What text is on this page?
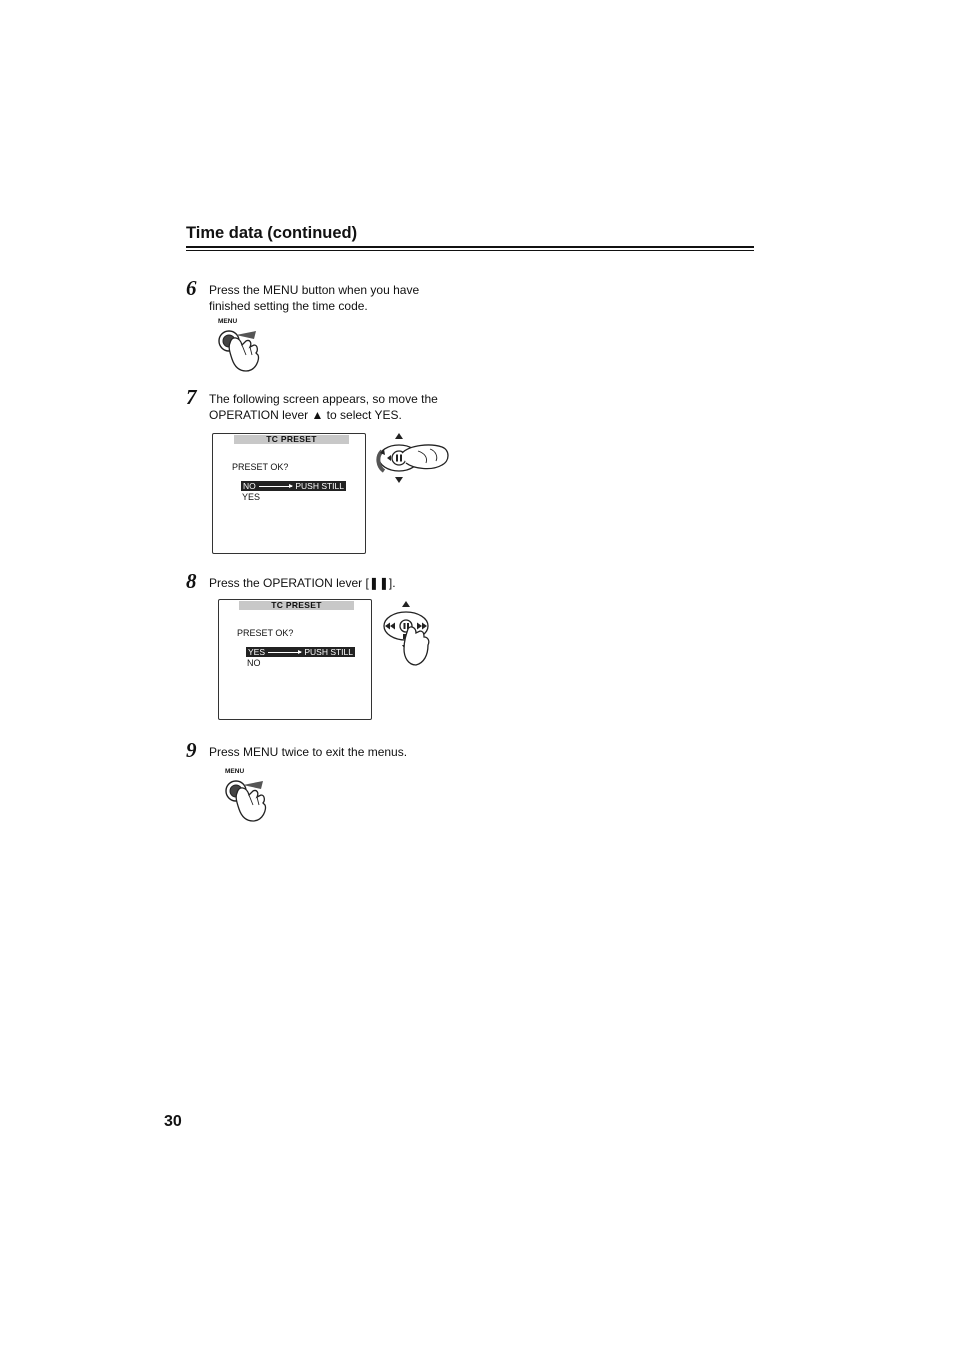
Time data (continued)
6 Press the MENU button when you have
finished setting the time code.
MENU
7 The following screen appears, so move the
OPERATION lever ▲ to select YES.
TC PRESET
PRESET OK?
NO	PUSH STILL
YES
8 Press the OPERATION lever [❚❚].
TC PRESET
PRESET OK?
YES	PUSH STILL
NO
9 Press MENU twice to exit the menus.
MENU
30
